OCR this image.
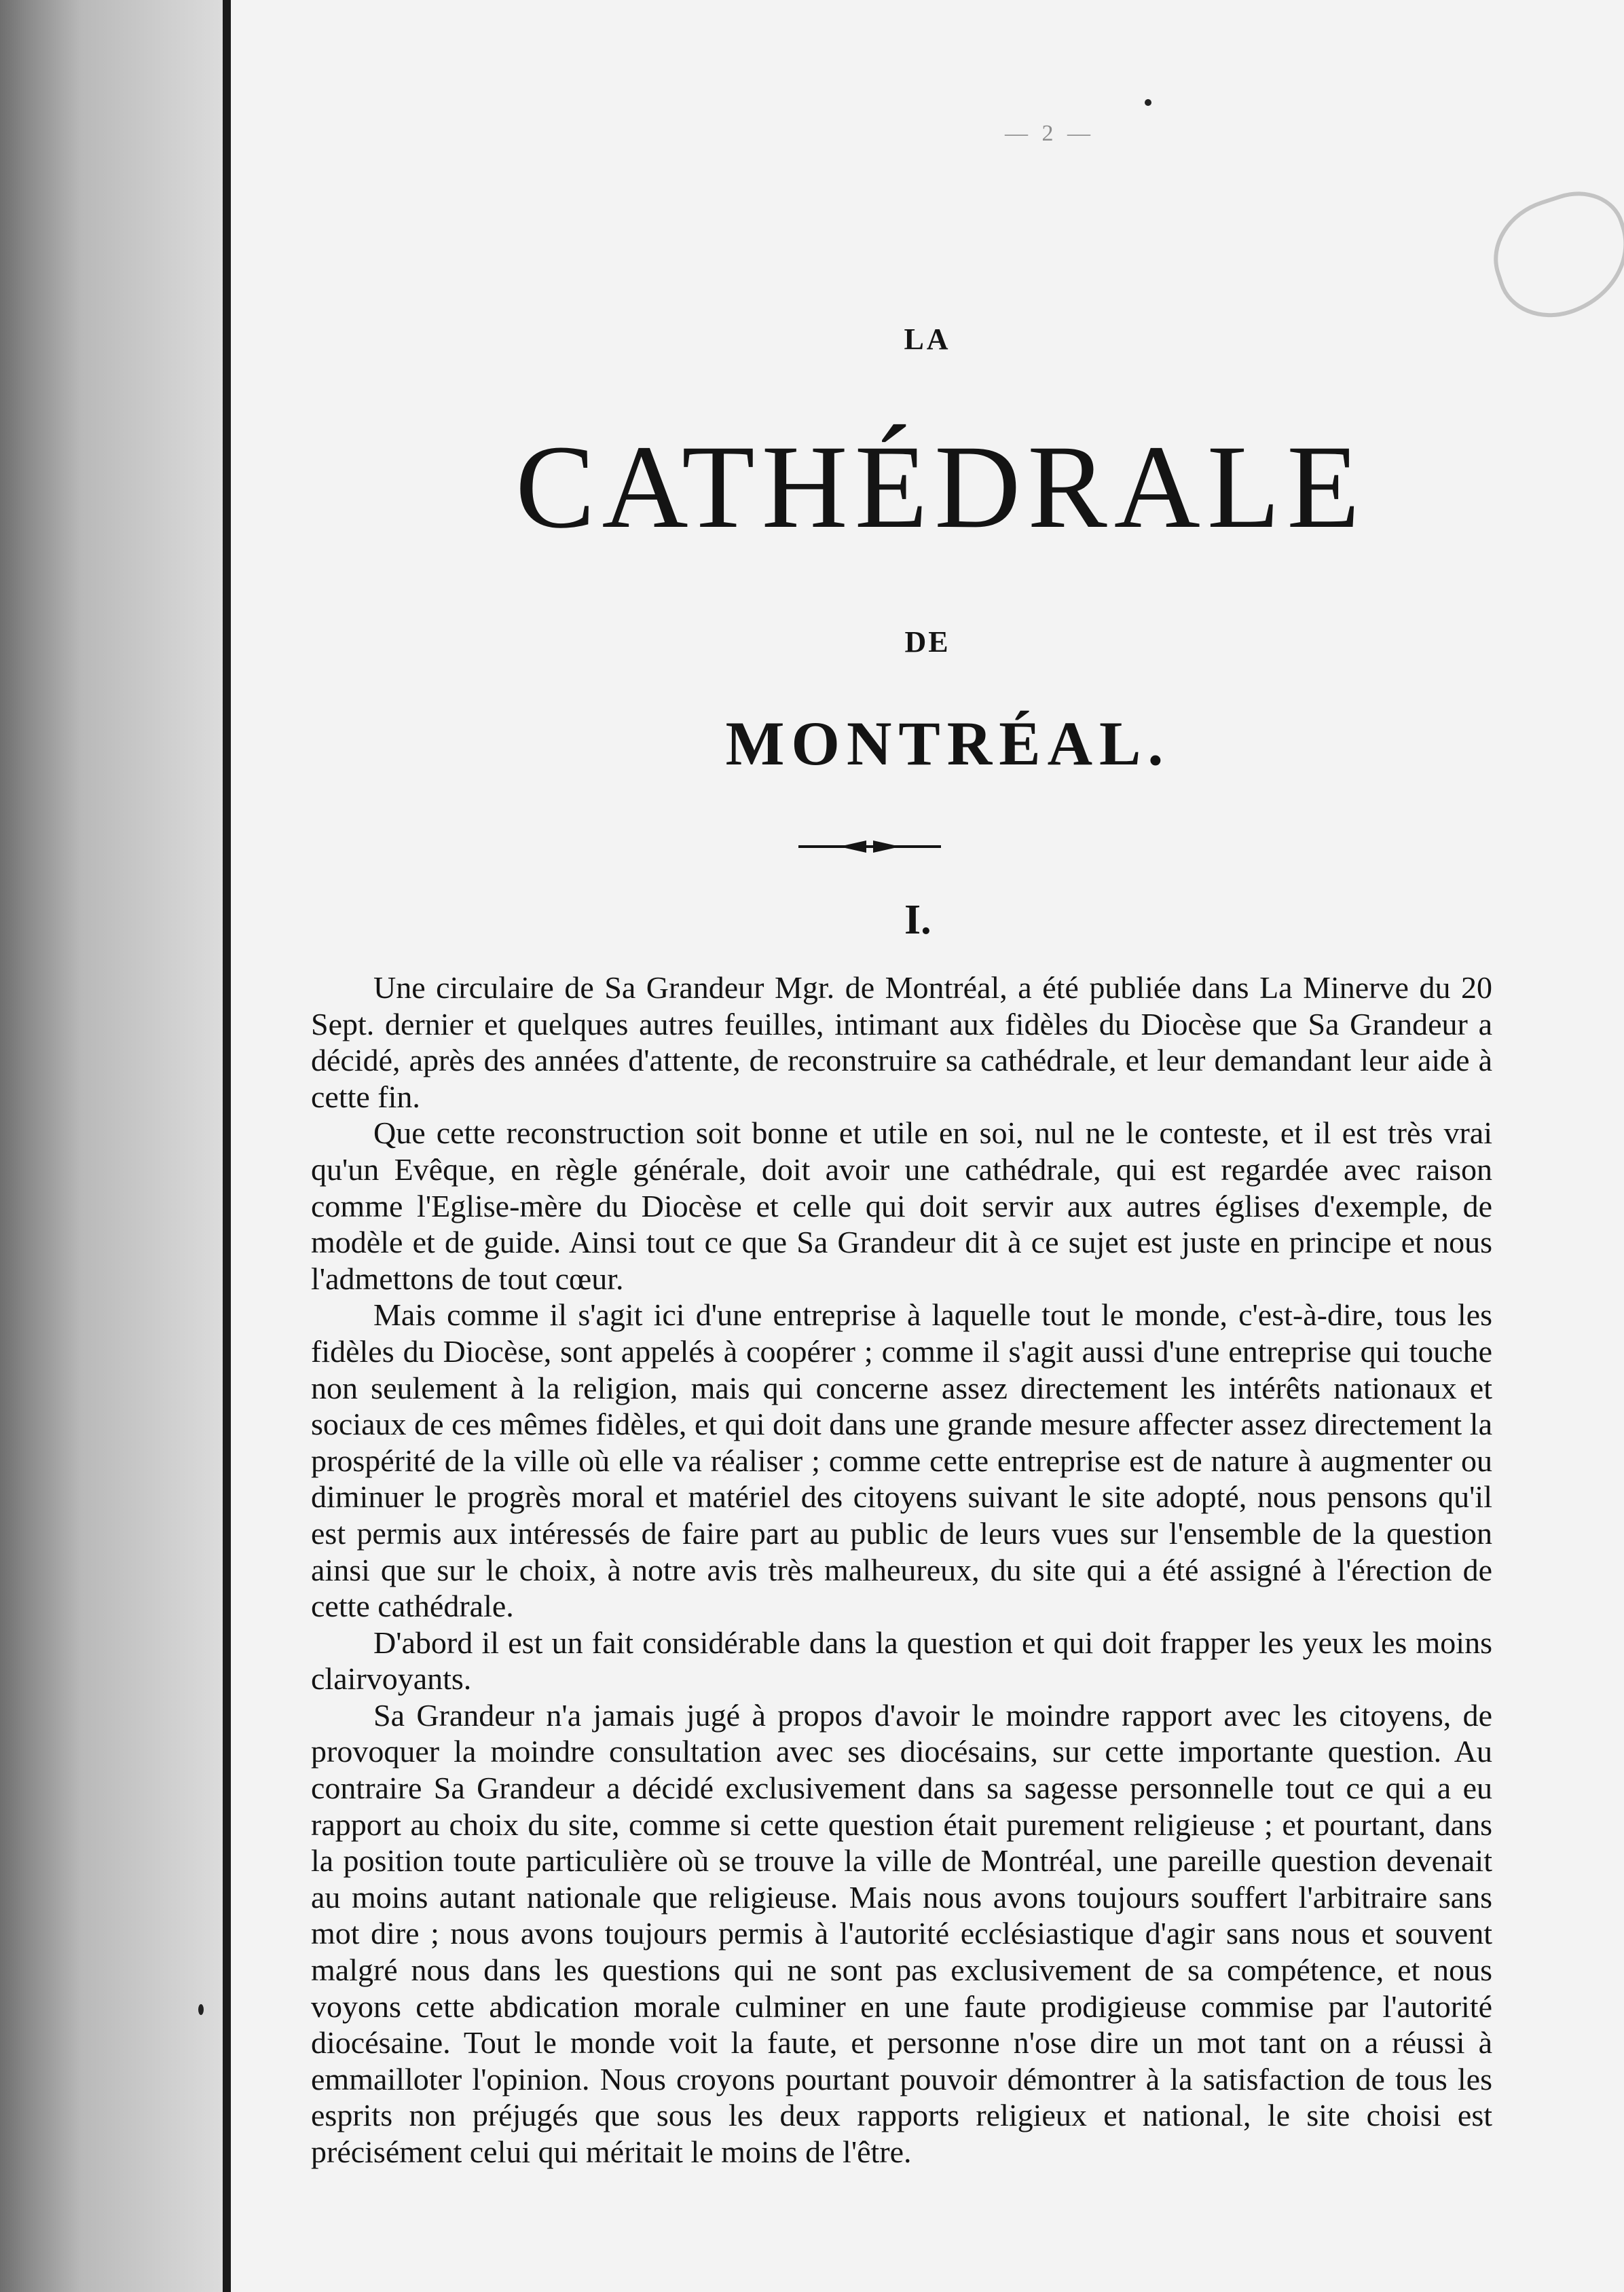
— 2 —
LA
CATHÉDRALE
DE
MONTRÉAL.
I.

Une circulaire de Sa Grandeur Mgr. de Montréal, a été publiée dans La Minerve du 20 Sept. dernier et quelques autres feuilles, intimant aux fidèles du Diocèse que Sa Grandeur a décidé, après des années d'attente, de reconstruire sa cathédrale, et leur demandant leur aide à cette fin.

Que cette reconstruction soit bonne et utile en soi, nul ne le conteste, et il est très vrai qu'un Evêque, en règle générale, doit avoir une cathédrale, qui est regardée avec raison comme l'Eglise-mère du Diocèse et celle qui doit servir aux autres églises d'exemple, de modèle et de guide. Ainsi tout ce que Sa Grandeur dit à ce sujet est juste en principe et nous l'admettons de tout cœur.

Mais comme il s'agit ici d'une entreprise à laquelle tout le monde, c'est-à-dire, tous les fidèles du Diocèse, sont appelés à coopérer ; comme il s'agit aussi d'une entreprise qui touche non seulement à la religion, mais qui concerne assez directement les intérêts nationaux et sociaux de ces mêmes fidèles, et qui doit dans une grande mesure affecter assez directement la prospérité de la ville où elle va réaliser ; comme cette entreprise est de nature à augmenter ou diminuer le progrès moral et matériel des citoyens suivant le site adopté, nous pensons qu'il est permis aux intéressés de faire part au public de leurs vues sur l'ensemble de la question ainsi que sur le choix, à notre avis très malheureux, du site qui a été assigné à l'érection de cette cathédrale.

D'abord il est un fait considérable dans la question et qui doit frapper les yeux les moins clairvoyants.

Sa Grandeur n'a jamais jugé à propos d'avoir le moindre rapport avec les citoyens, de provoquer la moindre consultation avec ses diocésains, sur cette importante question. Au contraire Sa Grandeur a décidé exclusivement dans sa sagesse personnelle tout ce qui a eu rapport au choix du site, comme si cette question était purement religieuse ; et pourtant, dans la position toute particulière où se trouve la ville de Montréal, une pareille question devenait au moins autant nationale que religieuse. Mais nous avons toujours souffert l'arbitraire sans mot dire ; nous avons toujours permis à l'autorité ecclésiastique d'agir sans nous et souvent malgré nous dans les questions qui ne sont pas exclusivement de sa compétence, et nous voyons cette abdication morale culminer en une faute prodigieuse commise par l'autorité diocésaine. Tout le monde voit la faute, et personne n'ose dire un mot tant on a réussi à emmailloter l'opinion. Nous croyons pourtant pouvoir démontrer à la satisfaction de tous les esprits non préjugés que sous les deux rapports religieux et national, le site choisi est précisément celui qui méritait le moins de l'être.
